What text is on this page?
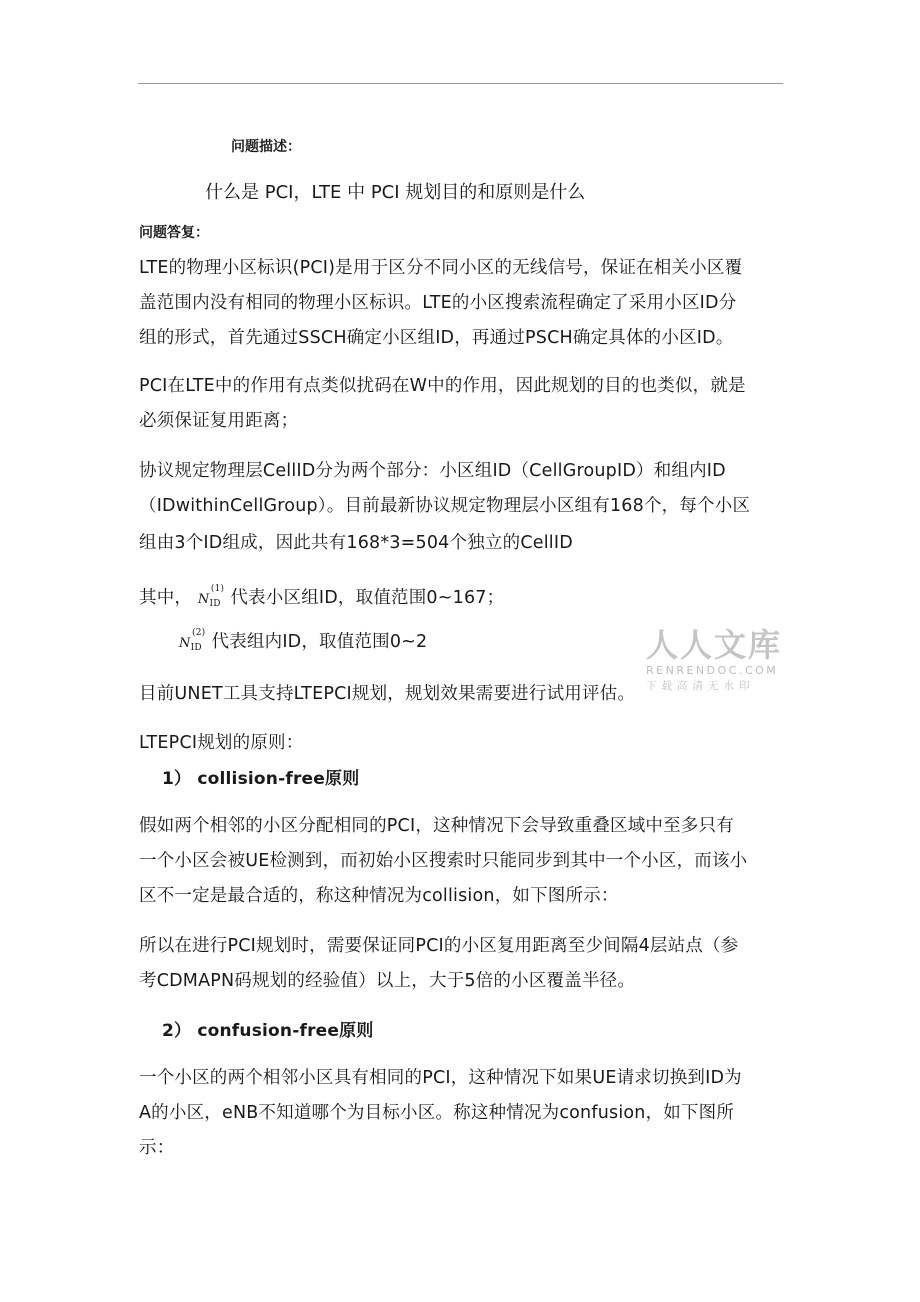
问题描述：
什么是 PCI，LTE 中 PCI 规划目的和原则是什么
问题答复：
LTE的物理小区标识(PCI)是用于区分不同小区的无线信号，保证在相关小区覆
盖范围内没有相同的物理小区标识。LTE的小区搜索流程确定了采用小区ID分
组的形式，首先通过SSCH确定小区组ID，再通过PSCH确定具体的小区ID。
PCI在LTE中的作用有点类似扰码在W中的作用，因此规划的目的也类似，就是
必须保证复用距离；
协议规定物理层CellID分为两个部分：小区组ID（CellGroupID）和组内ID
（IDwithinCellGroup）。目前最新协议规定物理层小区组有168个，每个小区
组由3个ID组成，因此共有168*3=504个独立的CellID
其中， $N_{ID}$
(1) 代表小区组ID，取值范围0~167；
$N_{ID}$
(2) 代表组内ID，取值范围0~2
目前UNET工具支持LTEPCI规划，规划效果需要进行试用评估。
LTEPCI规划的原则：
1） collision-free原则
假如两个相邻的小区分配相同的PCI，这种情况下会导致重叠区域中至多只有
一个小区会被UE检测到，而初始小区搜索时只能同步到其中一个小区，而该小
区不一定是最合适的，称这种情况为collision，如下图所示：
所以在进行PCI规划时，需要保证同PCI的小区复用距离至少间隔4层站点（参
考CDMAPN码规划的经验值）以上，大于5倍的小区覆盖半径。
2） confusion-free原则
一个小区的两个相邻小区具有相同的PCI，这种情况下如果UE请求切换到ID为
A的小区，eNB不知道哪个为目标小区。称这种情况为confusion，如下图所
示：
人人文库
RENRENDOC.COM
下载高清无水印
